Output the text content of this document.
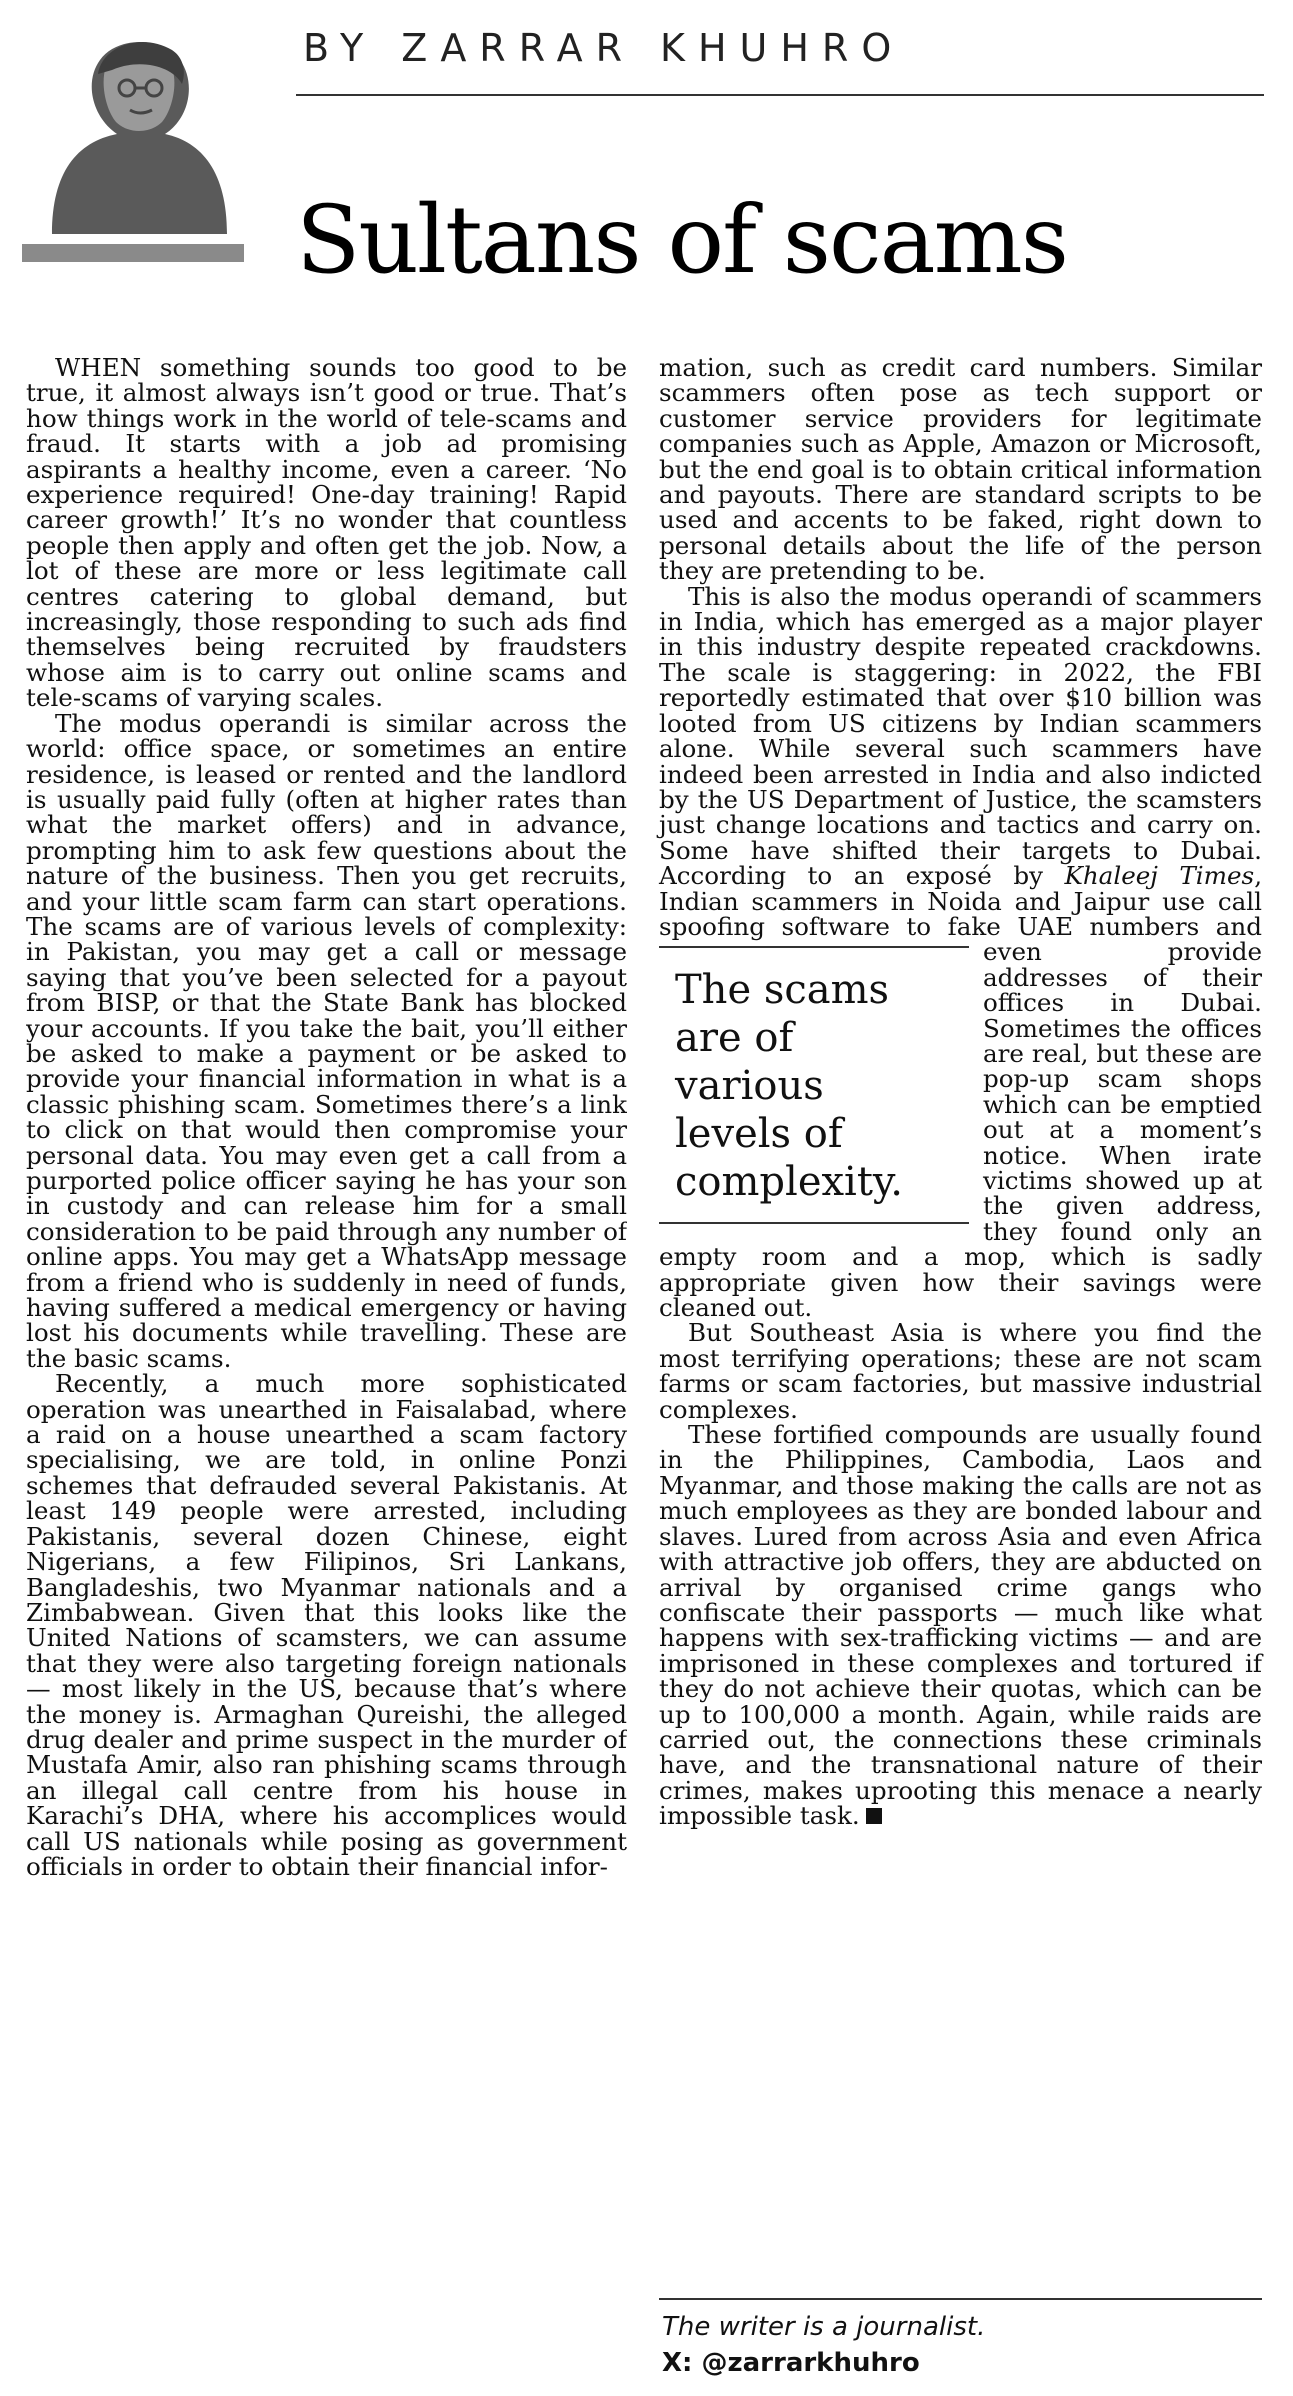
BY ZARRAR KHUHRO
Sultans of scams

WHEN something sounds too good to be true, it almost always isn’t good or true. That’s how things work in the world of tele-scams and fraud. It starts with a job ad promising aspirants a healthy income, even a career. ‘No experience required! One-day training! Rapid career growth!’ It’s no wonder that countless people then apply and often get the job. Now, a lot of these are more or less legitimate call centres catering to global demand, but increasingly, those responding to such ads find themselves being recruited by fraudsters whose aim is to carry out online scams and tele-scams of varying scales.

The modus operandi is similar across the world: office space, or sometimes an entire residence, is leased or rented and the landlord is usually paid fully (often at higher rates than what the market offers) and in advance, prompting him to ask few questions about the nature of the business. Then you get recruits, and your little scam farm can start operations. The scams are of various levels of complexity: in Pakistan, you may get a call or message saying that you’ve been selected for a payout from BISP, or that the State Bank has blocked your accounts. If you take the bait, you’ll either be asked to make a payment or be asked to provide your financial information in what is a classic phishing scam. Sometimes there’s a link to click on that would then compromise your personal data. You may even get a call from a purported police officer saying he has your son in custody and can release him for a small consideration to be paid through any number of online apps. You may get a WhatsApp message from a friend who is suddenly in need of funds, having suffered a medical emergency or having lost his documents while travelling. These are the basic scams.

Recently, a much more sophisticated operation was unearthed in Faisalabad, where a raid on a house unearthed a scam factory specialising, we are told, in online Ponzi schemes that defrauded several Pakistanis. At least 149 people were arrested, including Pakistanis, several dozen Chinese, eight Nigerians, a few Filipinos, Sri Lankans, Bangladeshis, two Myanmar nationals and a Zimbabwean. Given that this looks like the United Nations of scamsters, we can assume that they were also targeting foreign nationals — most likely in the US, because that’s where the money is. Armaghan Qureishi, the alleged drug dealer and prime suspect in the murder of Mustafa Amir, also ran phishing scams through an illegal call centre from his house in Karachi’s DHA, where his accomplices would call US nationals while posing as government officials in order to obtain their financial infor-

mation, such as credit card numbers. Similar scammers often pose as tech support or customer service providers for legitimate companies such as Apple, Amazon or Microsoft, but the end goal is to obtain critical information and payouts. There are standard scripts to be used and accents to be faked, right down to personal details about the life of the person they are pretending to be.

This is also the modus operandi of scammers in India, which has emerged as a major player in this industry despite repeated crackdowns. The scale is staggering: in 2022, the FBI reportedly estimated that over $10 billion was looted from US citizens by Indian scammers alone. While several such scammers have indeed been arrested in India and also indicted by the US Department of Justice, the scamsters just change locations and tactics and carry on. Some have shifted their targets to Dubai. According to an exposé by Khaleej Times, Indian scammers in Noida and Jaipur use call spoofing software to fake
The scams
are of
various
levels of
complexity.
UAE numbers and even provide addresses of their offices in Dubai. Sometimes the offices are real, but these are pop-up scam shops which can be emptied out at a moment’s notice. When irate victims showed up at the given address, they found only an empty room and a mop, which is sadly appropriate given how their savings were cleaned out.

But Southeast Asia is where you find the most terrifying operations; these are not scam farms or scam factories, but massive industrial complexes.

These fortified compounds are usually found in the Philippines, Cambodia, Laos and Myanmar, and those making the calls are not as much employees as they are bonded labour and slaves. Lured from across Asia and even Africa with attractive job offers, they are abducted on arrival by organised crime gangs who confiscate their passports — much like what happens with sex-trafficking victims — and are imprisoned in these complexes and tortured if they do not achieve their quotas, which can be up to 100,000 a month. Again, while raids are carried out, the connections these criminals have, and the transnational nature of their crimes, makes uprooting this menace a nearly impossible task.

The writer is a journalist.
X: @zarrarkhuhro
